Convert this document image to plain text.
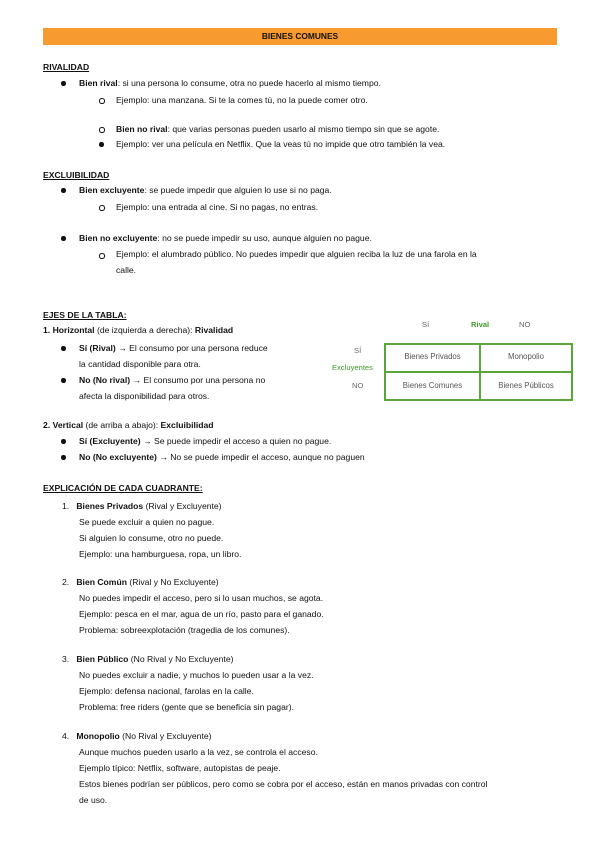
BIENES COMUNES
RIVALIDAD
Bien rival: si una persona lo consume, otra no puede hacerlo al mismo tiempo.
Ejemplo: una manzana. Si te la comes tú, no la puede comer otro.
Bien no rival: que varias personas pueden usarlo al mismo tiempo sin que se agote.
Ejemplo: ver una película en Netflix. Que la veas tú no impide que otro también la vea.
EXCLUIBILIDAD
Bien excluyente: se puede impedir que alguien lo use si no paga.
Ejemplo: una entrada al cine. Si no pagas, no entras.
Bien no excluyente: no se puede impedir su uso, aunque alguien no pague.
Ejemplo: el alumbrado público. No puedes impedir que alguien reciba la luz de una farola en la
calle.
EJES DE LA TABLA:
1. Horizontal (de izquierda a derecha): Rivalidad
Sí (Rival) → El consumo por una persona reduce
la cantidad disponible para otra.
No (No rival) → El consumo por una persona no
afecta la disponibilidad para otros.
2. Vertical (de arriba a abajo): Excluibilidad
Sí (Excluyente) → Se puede impedir el acceso a quien no pague.
No (No excluyente) → No se puede impedir el acceso, aunque no paguen
Sí	Rival	NO
SÍ
Excluyentes
NO
Bienes Privados	Monopolio
Bienes Comunes	Bienes Públicos
EXPLICACIÓN DE CADA CUADRANTE:
1. Bienes Privados (Rival y Excluyente)
Se puede excluir a quien no pague.
Si alguien lo consume, otro no puede.
Ejemplo: una hamburguesa, ropa, un libro.
2. Bien Común (Rival y No Excluyente)
No puedes impedir el acceso, pero si lo usan muchos, se agota.
Ejemplo: pesca en el mar, agua de un río, pasto para el ganado.
Problema: sobreexplotación (tragedia de los comunes).
3. Bien Público (No Rival y No Excluyente)
No puedes excluir a nadie, y muchos lo pueden usar a la vez.
Ejemplo: defensa nacional, farolas en la calle.
Problema: free riders (gente que se beneficia sin pagar).
4. Monopolio (No Rival y Excluyente)
Aunque muchos pueden usarlo a la vez, se controla el acceso.
Ejemplo típico: Netflix, software, autopistas de peaje.
Estos bienes podrían ser públicos, pero como se cobra por el acceso, están en manos privadas con control
de uso.
